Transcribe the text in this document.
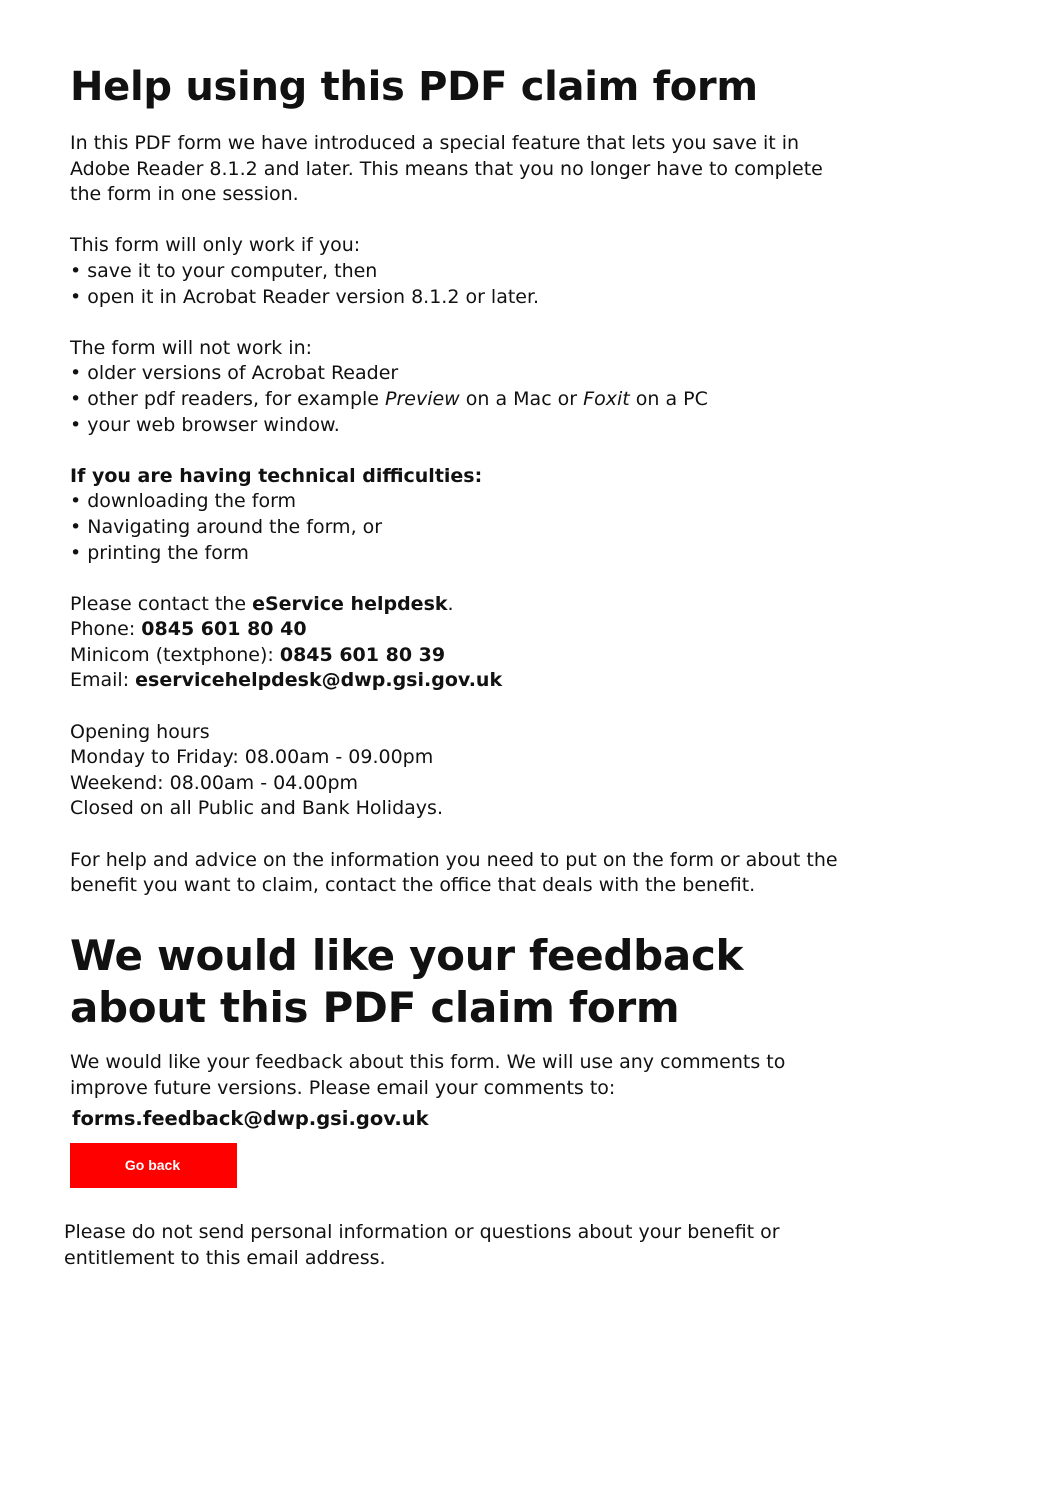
Help using this PDF claim form

In this PDF form we have introduced a special feature that lets you save it in Adobe Reader 8.1.2 and later. This means that you no longer have to complete the form in one session.

This form will only work if you:
• save it to your computer, then
• open it in Acrobat Reader version 8.1.2 or later.
The form will not work in:
• older versions of Acrobat Reader
• other pdf readers, for example Preview on a Mac or Foxit on a PC
• your web browser window.
If you are having technical difficulties:
• downloading the form
• Navigating around the form, or
• printing the form
Please contact the eService helpdesk.
Phone: 0845 601 80 40
Minicom (textphone): 0845 601 80 39
Email: eservicehelpdesk@dwp.gsi.gov.uk
Opening hours
Monday to Friday: 08.00am - 09.00pm
Weekend: 08.00am - 04.00pm
Closed on all Public and Bank Holidays.

For help and advice on the information you need to put on the form or about the benefit you want to claim, contact the office that deals with the benefit.

We would like your feedback
about this PDF claim form
We would like your feedback about this form. We will use any comments to improve future versions. Please email your comments to:
forms.feedback@dwp.gsi.gov.uk
Go back
Please do not send personal information or questions about your benefit or entitlement to this email address.
